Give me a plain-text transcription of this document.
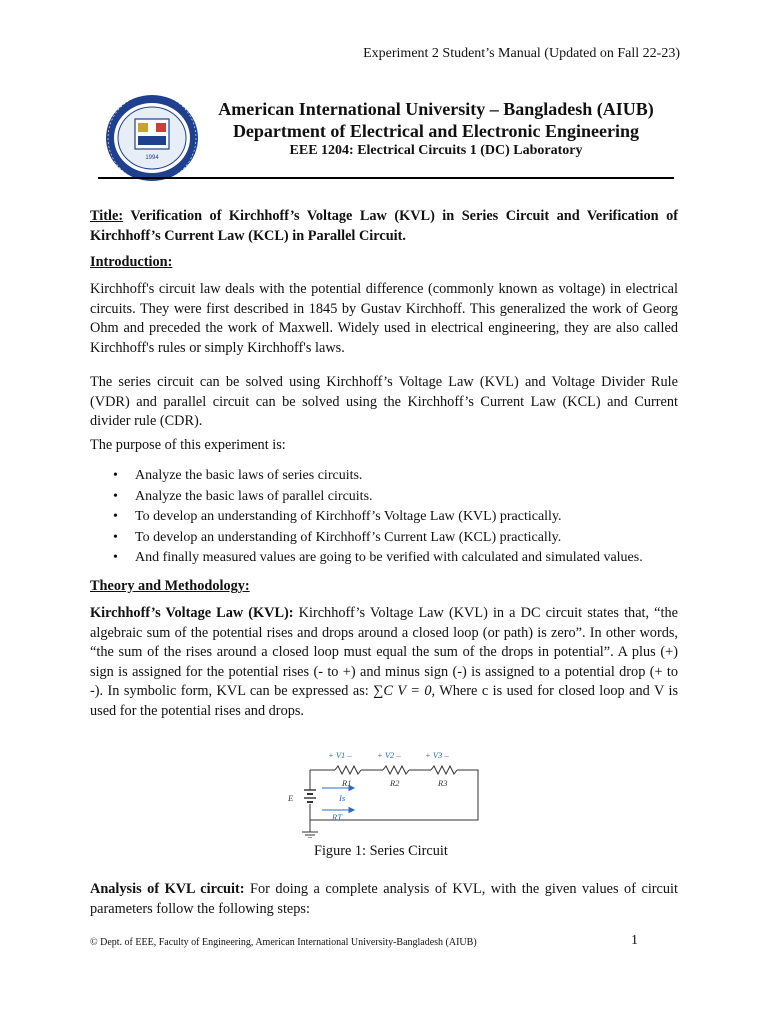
Experiment 2 Student’s Manual (Updated on Fall 22-23)
1994
American International University – Bangladesh (AIUB)
Department of Electrical and Electronic Engineering
EEE 1204: Electrical Circuits 1 (DC) Laboratory

Title: Verification of Kirchhoff’s Voltage Law (KVL) in Series Circuit and Verification of Kirchhoff’s Current Law (KCL) in Parallel Circuit.

Introduction:

Kirchhoff's circuit law deals with the potential difference (commonly known as voltage) in electrical circuits. They were first described in 1845 by Gustav Kirchhoff. This generalized the work of Georg Ohm and preceded the work of Maxwell. Widely used in electrical engineering, they are also called Kirchhoff's rules or simply Kirchhoff's laws.

The series circuit can be solved using Kirchhoff’s Voltage Law (KVL) and Voltage Divider Rule (VDR) and parallel circuit can be solved using the Kirchhoff’s Current Law (KCL) and Current divider rule (CDR).

The purpose of this experiment is:

• Analyze the basic laws of series circuits.
• Analyze the basic laws of parallel circuits.
• To develop an understanding of Kirchhoff’s Voltage Law (KVL) practically.
• To develop an understanding of Kirchhoff’s Current Law (KCL) practically.
• And finally measured values are going to be verified with calculated and simulated values.

Theory and Methodology:

Kirchhoff’s Voltage Law (KVL): Kirchhoff’s Voltage Law (KVL) in a DC circuit states that, “the algebraic sum of the potential rises and drops around a closed loop (or path) is zero”. In other words, “the sum of the rises around a closed loop must equal the sum of the drops in potential”. A plus (+) sign is assigned for the potential rises (- to +) and minus sign (-) is assigned to a potential drop (+ to -). In symbolic form, KVL can be expressed as: ∑C V = 0, Where c is used for closed loop and V is used for the potential rises and drops.

+ V1 –	+ V2 –	+ V3 –
R1	R2	R3
E	Is
RT
Figure 1: Series Circuit

Analysis of KVL circuit: For doing a complete analysis of KVL, with the given values of circuit parameters follow the following steps:

© Dept. of EEE, Faculty of Engineering, American International University-Bangladesh (AIUB)	1
